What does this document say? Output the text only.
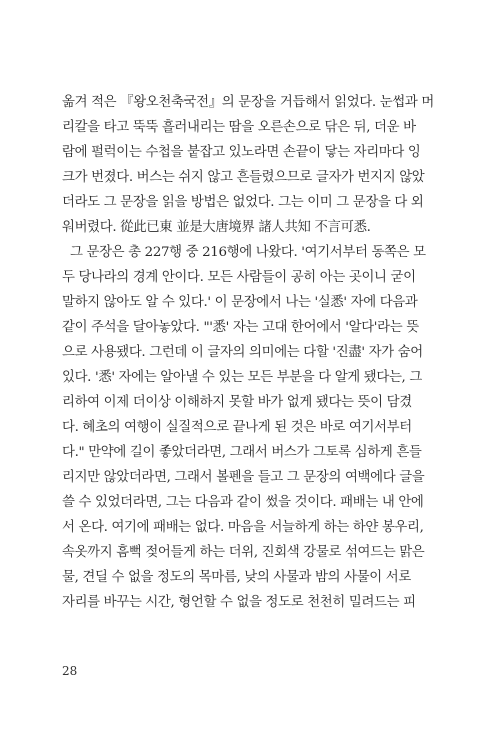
옮겨 적은 『왕오천축국전』의 문장을 거듭해서 읽었다. 눈썹과 머
리칼을 타고 뚝뚝 흘러내리는 땀을 오른손으로 닦은 뒤, 더운 바
람에 펄럭이는 수첩을 붙잡고 있노라면 손끝이 닿는 자리마다 잉
크가 번졌다. 버스는 쉬지 않고 흔들렸으므로 글자가 번지지 않았
더라도 그 문장을 읽을 방법은 없었다. 그는 이미 그 문장을 다 외
워버렸다. 從此已東 並是大唐境界 諸人共知 不言可悉.
그 문장은 총 227행 중 216행에 나왔다. '여기서부터 동쪽은 모
두 당나라의 경계 안이다. 모든 사람들이 공히 아는 곳이니 굳이
말하지 않아도 알 수 있다.' 이 문장에서 나는 '실悉' 자에 다음과
같이 주석을 달아놓았다. "'悉' 자는 고대 한어에서 '알다'라는 뜻
으로 사용됐다. 그런데 이 글자의 의미에는 다할 '진盡' 자가 숨어
있다. '悉' 자에는 알아낼 수 있는 모든 부분을 다 알게 됐다는, 그
리하여 이제 더이상 이해하지 못할 바가 없게 됐다는 뜻이 담겼
다. 혜초의 여행이 실질적으로 끝나게 된 것은 바로 여기서부터
다." 만약에 길이 좋았더라면, 그래서 버스가 그토록 심하게 흔들
리지만 않았더라면, 그래서 볼펜을 들고 그 문장의 여백에다 글을
쓸 수 있었더라면, 그는 다음과 같이 썼을 것이다. 패배는 내 안에
서 온다. 여기에 패배는 없다. 마음을 서늘하게 하는 하얀 봉우리,
속옷까지 흠뻑 젖어들게 하는 더위, 진회색 강물로 섞여드는 맑은
물, 견딜 수 없을 정도의 목마름, 낮의 사물과 밤의 사물이 서로
자리를 바꾸는 시간, 형언할 수 없을 정도로 천천히 밀려드는 피
28
